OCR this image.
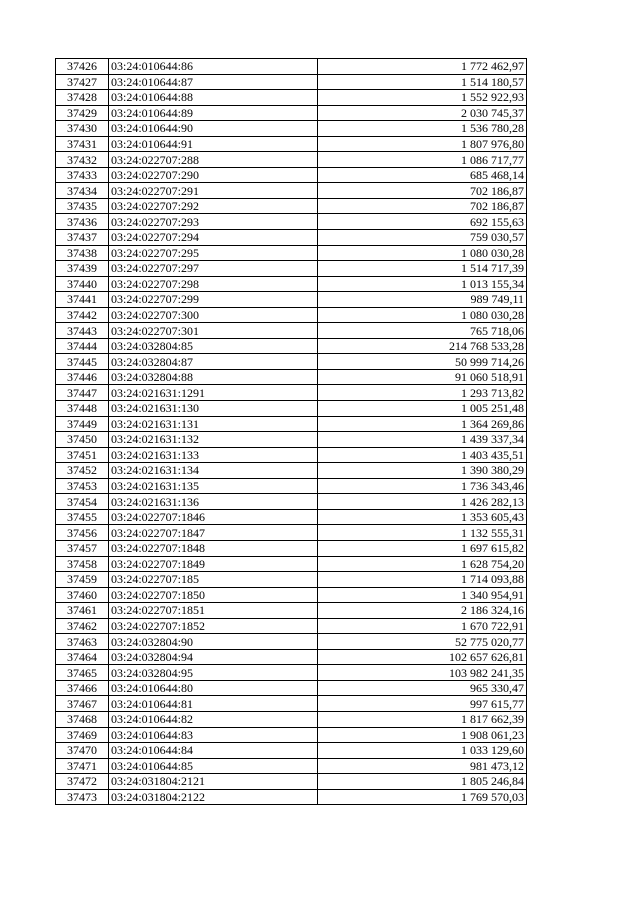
37426	03:24:010644:86	1 772 462,97
37427	03:24:010644:87	1 514 180,57
37428	03:24:010644:88	1 552 922,93
37429	03:24:010644:89	2 030 745,37
37430	03:24:010644:90	1 536 780,28
37431	03:24:010644:91	1 807 976,80
37432	03:24:022707:288	1 086 717,77
37433	03:24:022707:290	685 468,14
37434	03:24:022707:291	702 186,87
37435	03:24:022707:292	702 186,87
37436	03:24:022707:293	692 155,63
37437	03:24:022707:294	759 030,57
37438	03:24:022707:295	1 080 030,28
37439	03:24:022707:297	1 514 717,39
37440	03:24:022707:298	1 013 155,34
37441	03:24:022707:299	989 749,11
37442	03:24:022707:300	1 080 030,28
37443	03:24:022707:301	765 718,06
37444	03:24:032804:85	214 768 533,28
37445	03:24:032804:87	50 999 714,26
37446	03:24:032804:88	91 060 518,91
37447	03:24:021631:1291	1 293 713,82
37448	03:24:021631:130	1 005 251,48
37449	03:24:021631:131	1 364 269,86
37450	03:24:021631:132	1 439 337,34
37451	03:24:021631:133	1 403 435,51
37452	03:24:021631:134	1 390 380,29
37453	03:24:021631:135	1 736 343,46
37454	03:24:021631:136	1 426 282,13
37455	03:24:022707:1846	1 353 605,43
37456	03:24:022707:1847	1 132 555,31
37457	03:24:022707:1848	1 697 615,82
37458	03:24:022707:1849	1 628 754,20
37459	03:24:022707:185	1 714 093,88
37460	03:24:022707:1850	1 340 954,91
37461	03:24:022707:1851	2 186 324,16
37462	03:24:022707:1852	1 670 722,91
37463	03:24:032804:90	52 775 020,77
37464	03:24:032804:94	102 657 626,81
37465	03:24:032804:95	103 982 241,35
37466	03:24:010644:80	965 330,47
37467	03:24:010644:81	997 615,77
37468	03:24:010644:82	1 817 662,39
37469	03:24:010644:83	1 908 061,23
37470	03:24:010644:84	1 033 129,60
37471	03:24:010644:85	981 473,12
37472	03:24:031804:2121	1 805 246,84
37473	03:24:031804:2122	1 769 570,03
